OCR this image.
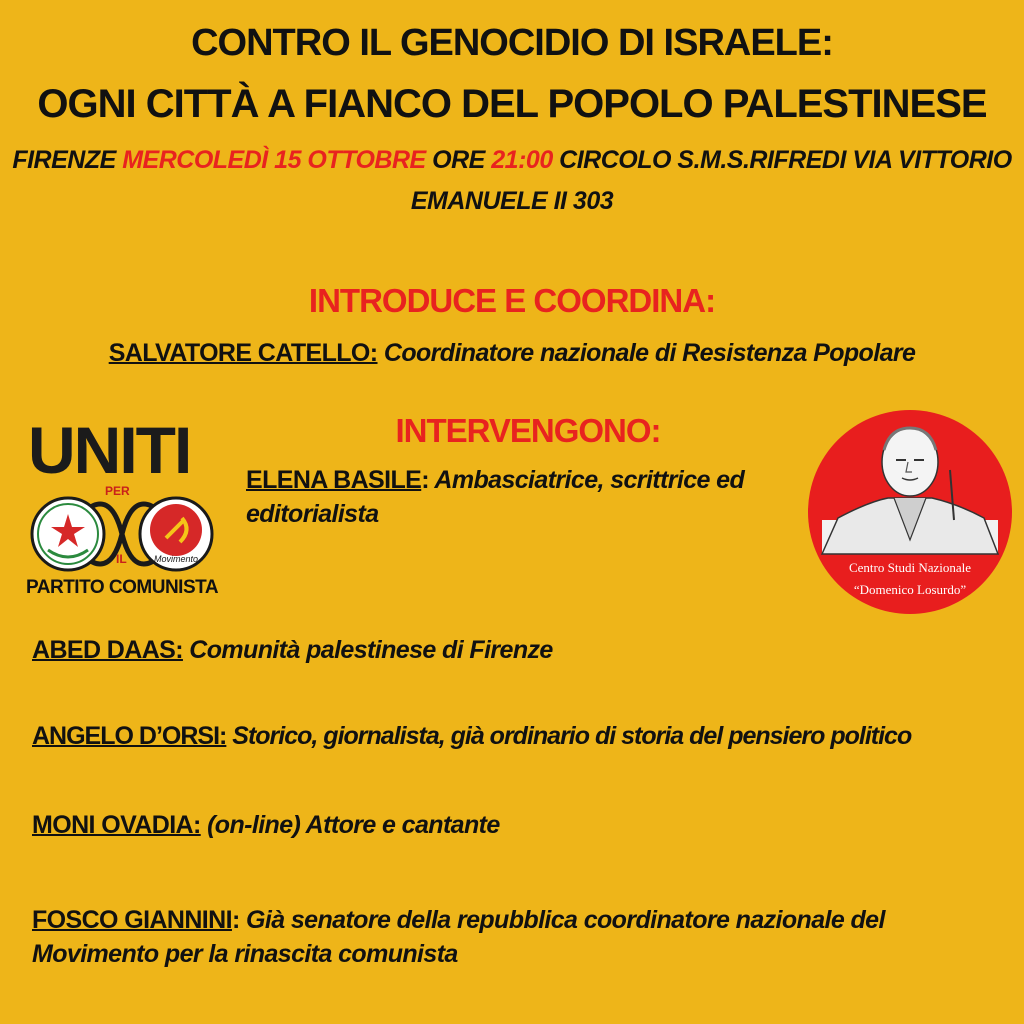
CONTRO IL GENOCIDIO DI ISRAELE:
OGNI CITTÀ A FIANCO DEL POPOLO PALESTINESE
FIRENZE MERCOLEDÌ 15 OTTOBRE ORE 21:00 CIRCOLO S.M.S.RIFREDI VIA VITTORIO
EMANUELE II 303
INTRODUCE E COORDINA:
SALVATORE CATELLO: Coordinatore nazionale di Resistenza Popolare
INTERVENGONO:
ELENA BASILE: Ambasciatrice, scrittrice ed
editorialista
ABED DAAS: Comunità palestinese di Firenze
ANGELO D’ORSI: Storico, giornalista, già ordinario di storia del pensiero politico
MONI OVADIA: (on-line) Attore e cantante
FOSCO GIANNINI: Già senatore della repubblica coordinatore nazionale del
Movimento per la rinascita comunista
UNITI
PER
Movimento
IL
PARTITO COMUNISTA
Centro Studi Nazionale
“Domenico Losurdo”
